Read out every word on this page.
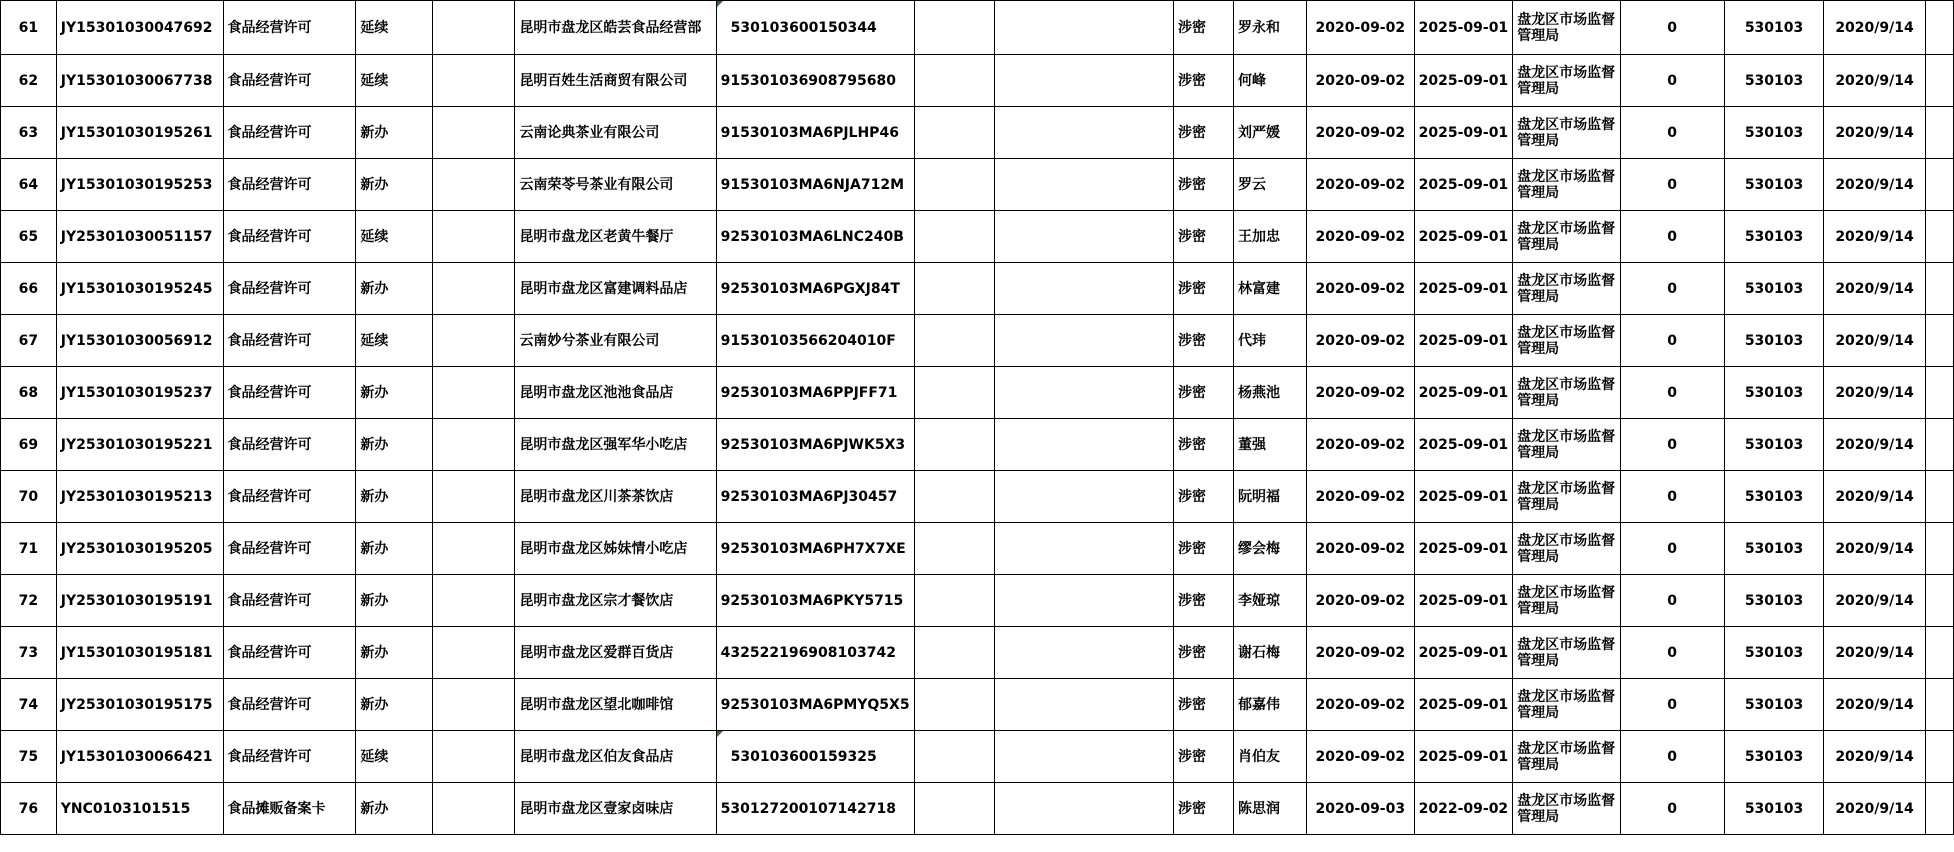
61	JY15301030047692	食品经营许可	延续		昆明市盘龙区皓芸食品经营部	530103600150344			涉密	罗永和	2020-09-02	2025-09-01	盘龙区市场监督管理局	0	530103	2020/9/14	
62	JY15301030067738	食品经营许可	延续		昆明百姓生活商贸有限公司	915301036908795680			涉密	何峰	2020-09-02	2025-09-01	盘龙区市场监督管理局	0	530103	2020/9/14	
63	JY15301030195261	食品经营许可	新办		云南论典茶业有限公司	91530103MA6PJLHP46			涉密	刘严媛	2020-09-02	2025-09-01	盘龙区市场监督管理局	0	530103	2020/9/14	
64	JY15301030195253	食品经营许可	新办		云南荣苓号茶业有限公司	91530103MA6NJA712M			涉密	罗云	2020-09-02	2025-09-01	盘龙区市场监督管理局	0	530103	2020/9/14	
65	JY25301030051157	食品经营许可	延续		昆明市盘龙区老黄牛餐厅	92530103MA6LNC240B			涉密	王加忠	2020-09-02	2025-09-01	盘龙区市场监督管理局	0	530103	2020/9/14	
66	JY15301030195245	食品经营许可	新办		昆明市盘龙区富建调料品店	92530103MA6PGXJ84T			涉密	林富建	2020-09-02	2025-09-01	盘龙区市场监督管理局	0	530103	2020/9/14	
67	JY15301030056912	食品经营许可	延续		云南妙兮茶业有限公司	91530103566204010F			涉密	代玮	2020-09-02	2025-09-01	盘龙区市场监督管理局	0	530103	2020/9/14	
68	JY15301030195237	食品经营许可	新办		昆明市盘龙区池池食品店	92530103MA6PPJFF71			涉密	杨燕池	2020-09-02	2025-09-01	盘龙区市场监督管理局	0	530103	2020/9/14	
69	JY25301030195221	食品经营许可	新办		昆明市盘龙区强军华小吃店	92530103MA6PJWK5X3			涉密	董强	2020-09-02	2025-09-01	盘龙区市场监督管理局	0	530103	2020/9/14	
70	JY25301030195213	食品经营许可	新办		昆明市盘龙区川茶茶饮店	92530103MA6PJ30457			涉密	阮明福	2020-09-02	2025-09-01	盘龙区市场监督管理局	0	530103	2020/9/14	
71	JY25301030195205	食品经营许可	新办		昆明市盘龙区姊妹情小吃店	92530103MA6PH7X7XE			涉密	缪会梅	2020-09-02	2025-09-01	盘龙区市场监督管理局	0	530103	2020/9/14	
72	JY25301030195191	食品经营许可	新办		昆明市盘龙区宗才餐饮店	92530103MA6PKY5715			涉密	李娅琼	2020-09-02	2025-09-01	盘龙区市场监督管理局	0	530103	2020/9/14	
73	JY15301030195181	食品经营许可	新办		昆明市盘龙区爱群百货店	432522196908103742			涉密	谢石梅	2020-09-02	2025-09-01	盘龙区市场监督管理局	0	530103	2020/9/14	
74	JY25301030195175	食品经营许可	新办		昆明市盘龙区望北咖啡馆	92530103MA6PMYQ5X5			涉密	郁嘉伟	2020-09-02	2025-09-01	盘龙区市场监督管理局	0	530103	2020/9/14	
75	JY15301030066421	食品经营许可	延续		昆明市盘龙区伯友食品店	530103600159325			涉密	肖伯友	2020-09-02	2025-09-01	盘龙区市场监督管理局	0	530103	2020/9/14	
76	YNC0103101515	食品摊贩备案卡	新办		昆明市盘龙区壹家卤味店	530127200107142718			涉密	陈思润	2020-09-03	2022-09-02	盘龙区市场监督管理局	0	530103	2020/9/14	
